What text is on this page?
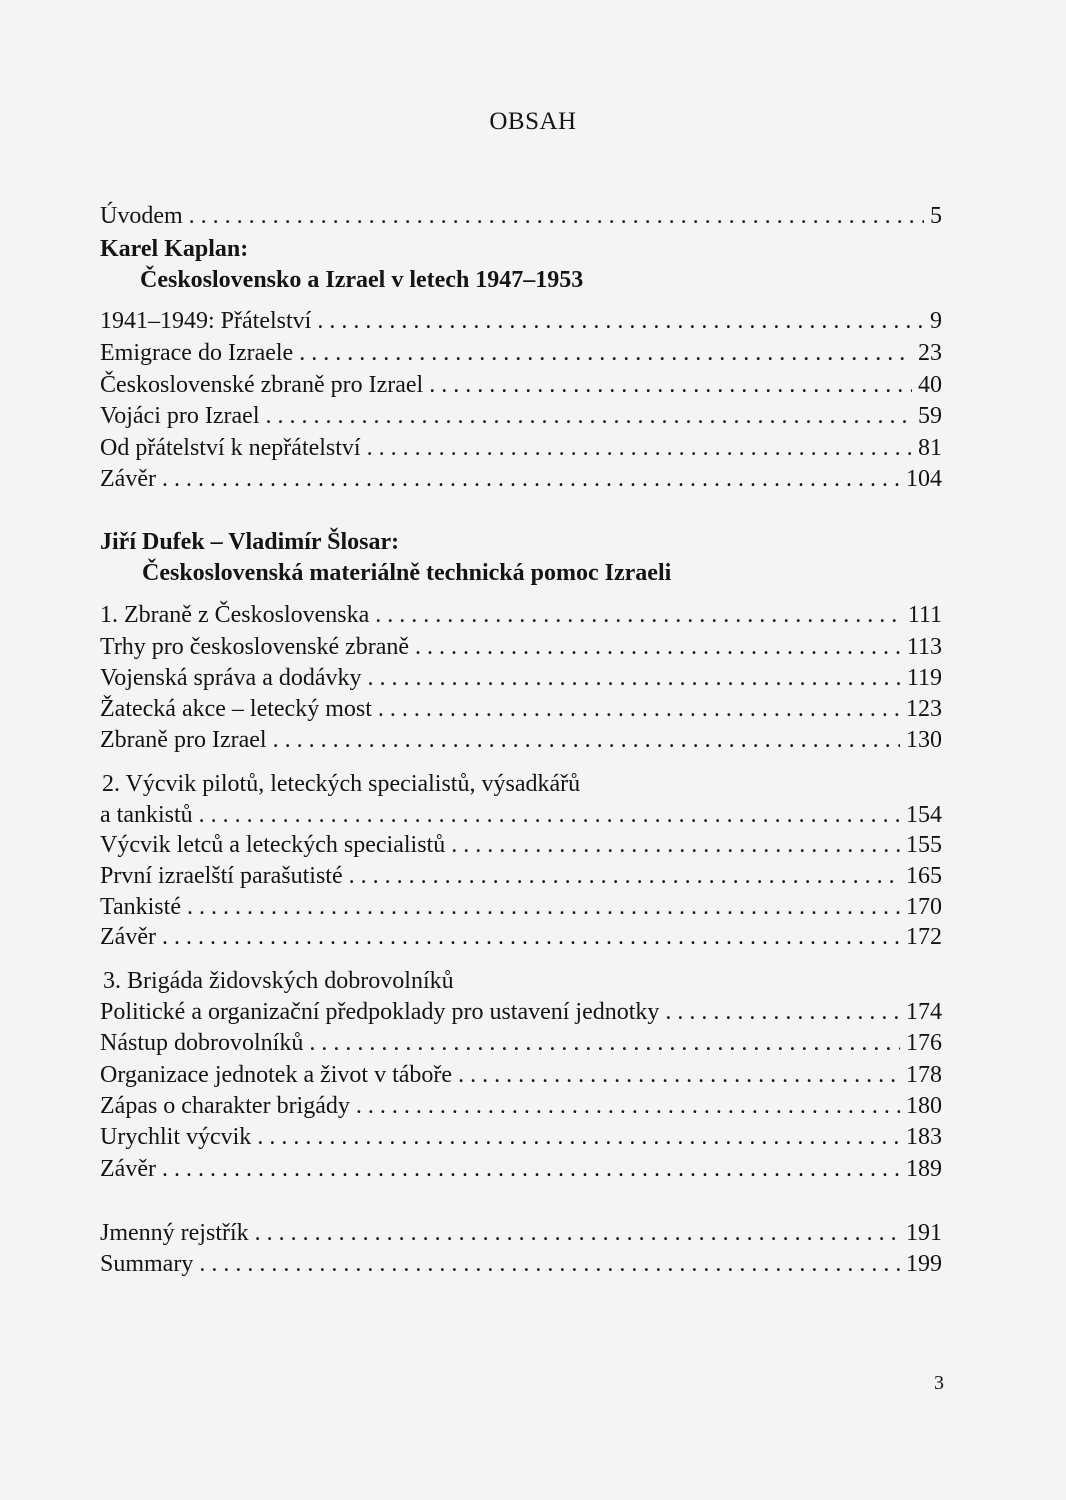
OBSAH
Úvodem . . .	5
Karel Kaplan:
Československo a Izrael v letech 1947–1953
1941–1949: Přátelství . . .	9
Emigrace do Izraele . . .	23
Československé zbraně pro Izrael . . .	40
Vojáci pro Izrael . . .	59
Od přátelství k nepřátelství . . .	81
Závěr . . .	104
Jiří Dufek – Vladimír Šlosar:
Československá materiálně technická pomoc Izraeli
1. Zbraně z Československa . . .	111
Trhy pro československé zbraně . . .	113
Vojenská správa a dodávky . . .	119
Žatecká akce – letecký most . . .	123
Zbraně pro Izrael . . .	130
2. Výcvik pilotů, leteckých specialistů, výsadkářů
a tankistů . . .	154
Výcvik letců a leteckých specialistů . . .	155
První izraelští parašutisté . . .	165
Tankisté . . .	170
Závěr . . .	172
3. Brigáda židovských dobrovolníků
Politické a organizační předpoklady pro ustavení jednotky . . .	174
Nástup dobrovolníků . . .	176
Organizace jednotek a život v táboře . . .	178
Zápas o charakter brigády . . .	180
Urychlit výcvik . . .	183
Závěr . . .	189
Jmenný rejstřík . . .	191
Summary . . .	199
3
